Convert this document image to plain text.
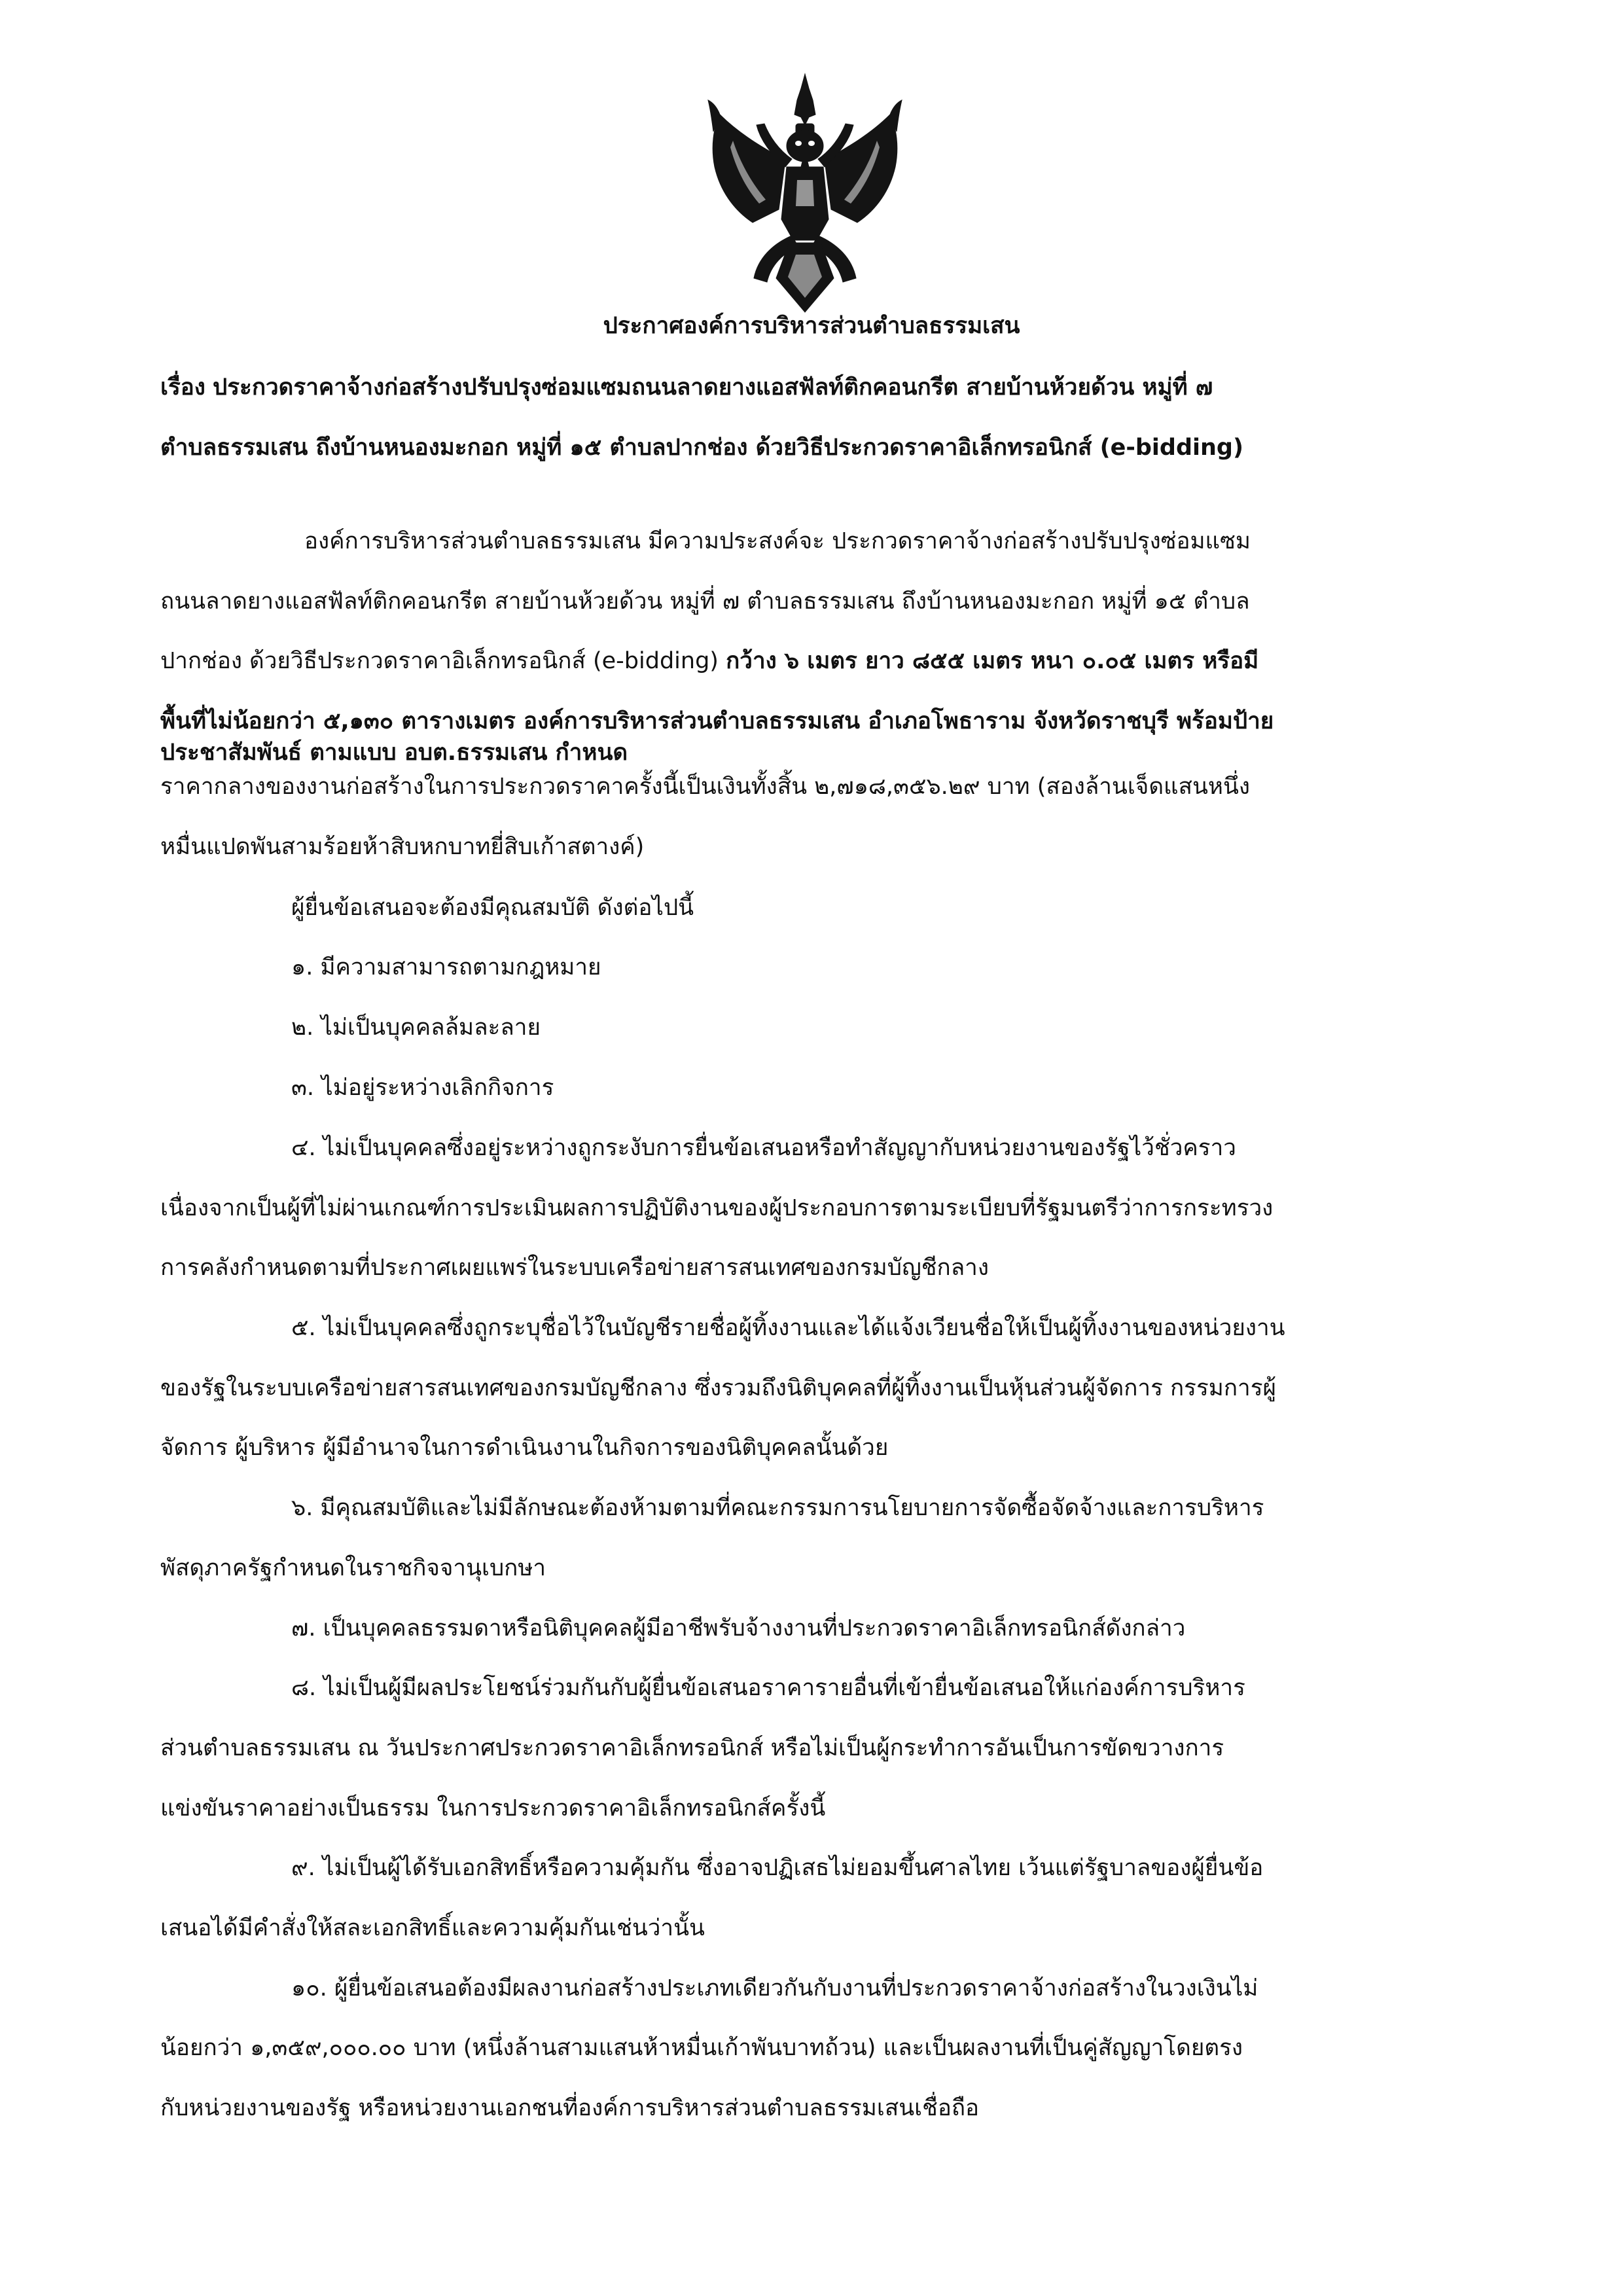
ประกาศองค์การบริหารส่วนตำบลธรรมเสน
เรื่อง ประกวดราคาจ้างก่อสร้างปรับปรุงซ่อมแซมถนนลาดยางแอสฟัลท์ติกคอนกรีต สายบ้านห้วยด้วน หมู่ที่ ๗
ตำบลธรรมเสน ถึงบ้านหนองมะกอก หมู่ที่ ๑๕ ตำบลปากช่อง ด้วยวิธีประกวดราคาอิเล็กทรอนิกส์ (e-bidding)
องค์การบริหารส่วนตำบลธรรมเสน มีความประสงค์จะ ประกวดราคาจ้างก่อสร้างปรับปรุงซ่อมแซม
ถนนลาดยางแอสฟัลท์ติกคอนกรีต สายบ้านห้วยด้วน หมู่ที่ ๗ ตำบลธรรมเสน ถึงบ้านหนองมะกอก หมู่ที่ ๑๕ ตำบล
ปากช่อง ด้วยวิธีประกวดราคาอิเล็กทรอนิกส์ (e-bidding) กว้าง ๖ เมตร ยาว ๘๕๕ เมตร หนา ๐.๐๕ เมตร หรือมี
พื้นที่ไม่น้อยกว่า ๕,๑๓๐ ตารางเมตร องค์การบริหารส่วนตำบลธรรมเสน อำเภอโพธาราม จังหวัดราชบุรี พร้อมป้าย
ประชาสัมพันธ์ ตามแบบ อบต.ธรรมเสน กำหนด
ราคากลางของงานก่อสร้างในการประกวดราคาครั้งนี้เป็นเงินทั้งสิ้น ๒,๗๑๘,๓๕๖.๒๙ บาท (สองล้านเจ็ดแสนหนึ่ง
หมื่นแปดพันสามร้อยห้าสิบหกบาทยี่สิบเก้าสตางค์)
ผู้ยื่นข้อเสนอจะต้องมีคุณสมบัติ ดังต่อไปนี้
๑. มีความสามารถตามกฎหมาย
๒. ไม่เป็นบุคคลล้มละลาย
๓. ไม่อยู่ระหว่างเลิกกิจการ
๔. ไม่เป็นบุคคลซึ่งอยู่ระหว่างถูกระงับการยื่นข้อเสนอหรือทำสัญญากับหน่วยงานของรัฐไว้ชั่วคราว
เนื่องจากเป็นผู้ที่ไม่ผ่านเกณฑ์การประเมินผลการปฏิบัติงานของผู้ประกอบการตามระเบียบที่รัฐมนตรีว่าการกระทรวง
การคลังกำหนดตามที่ประกาศเผยแพร่ในระบบเครือข่ายสารสนเทศของกรมบัญชีกลาง
๕. ไม่เป็นบุคคลซึ่งถูกระบุชื่อไว้ในบัญชีรายชื่อผู้ทิ้งงานและได้แจ้งเวียนชื่อให้เป็นผู้ทิ้งงานของหน่วยงาน
ของรัฐในระบบเครือข่ายสารสนเทศของกรมบัญชีกลาง ซึ่งรวมถึงนิติบุคคลที่ผู้ทิ้งงานเป็นหุ้นส่วนผู้จัดการ กรรมการผู้
จัดการ ผู้บริหาร ผู้มีอำนาจในการดำเนินงานในกิจการของนิติบุคคลนั้นด้วย
๖. มีคุณสมบัติและไม่มีลักษณะต้องห้ามตามที่คณะกรรมการนโยบายการจัดซื้อจัดจ้างและการบริหาร
พัสดุภาครัฐกำหนดในราชกิจจานุเบกษา
๗. เป็นบุคคลธรรมดาหรือนิติบุคคลผู้มีอาชีพรับจ้างงานที่ประกวดราคาอิเล็กทรอนิกส์ดังกล่าว
๘. ไม่เป็นผู้มีผลประโยชน์ร่วมกันกับผู้ยื่นข้อเสนอราคารายอื่นที่เข้ายื่นข้อเสนอให้แก่องค์การบริหาร
ส่วนตำบลธรรมเสน ณ วันประกาศประกวดราคาอิเล็กทรอนิกส์ หรือไม่เป็นผู้กระทำการอันเป็นการขัดขวางการ
แข่งขันราคาอย่างเป็นธรรม ในการประกวดราคาอิเล็กทรอนิกส์ครั้งนี้
๙. ไม่เป็นผู้ได้รับเอกสิทธิ์หรือความคุ้มกัน ซึ่งอาจปฏิเสธไม่ยอมขึ้นศาลไทย เว้นแต่รัฐบาลของผู้ยื่นข้อ
เสนอได้มีคำสั่งให้สละเอกสิทธิ์และความคุ้มกันเช่นว่านั้น
๑๐. ผู้ยื่นข้อเสนอต้องมีผลงานก่อสร้างประเภทเดียวกันกับงานที่ประกวดราคาจ้างก่อสร้างในวงเงินไม่
น้อยกว่า ๑,๓๕๙,๐๐๐.๐๐ บาท (หนึ่งล้านสามแสนห้าหมื่นเก้าพันบาทถ้วน) และเป็นผลงานที่เป็นคู่สัญญาโดยตรง
กับหน่วยงานของรัฐ หรือหน่วยงานเอกชนที่องค์การบริหารส่วนตำบลธรรมเสนเชื่อถือ
